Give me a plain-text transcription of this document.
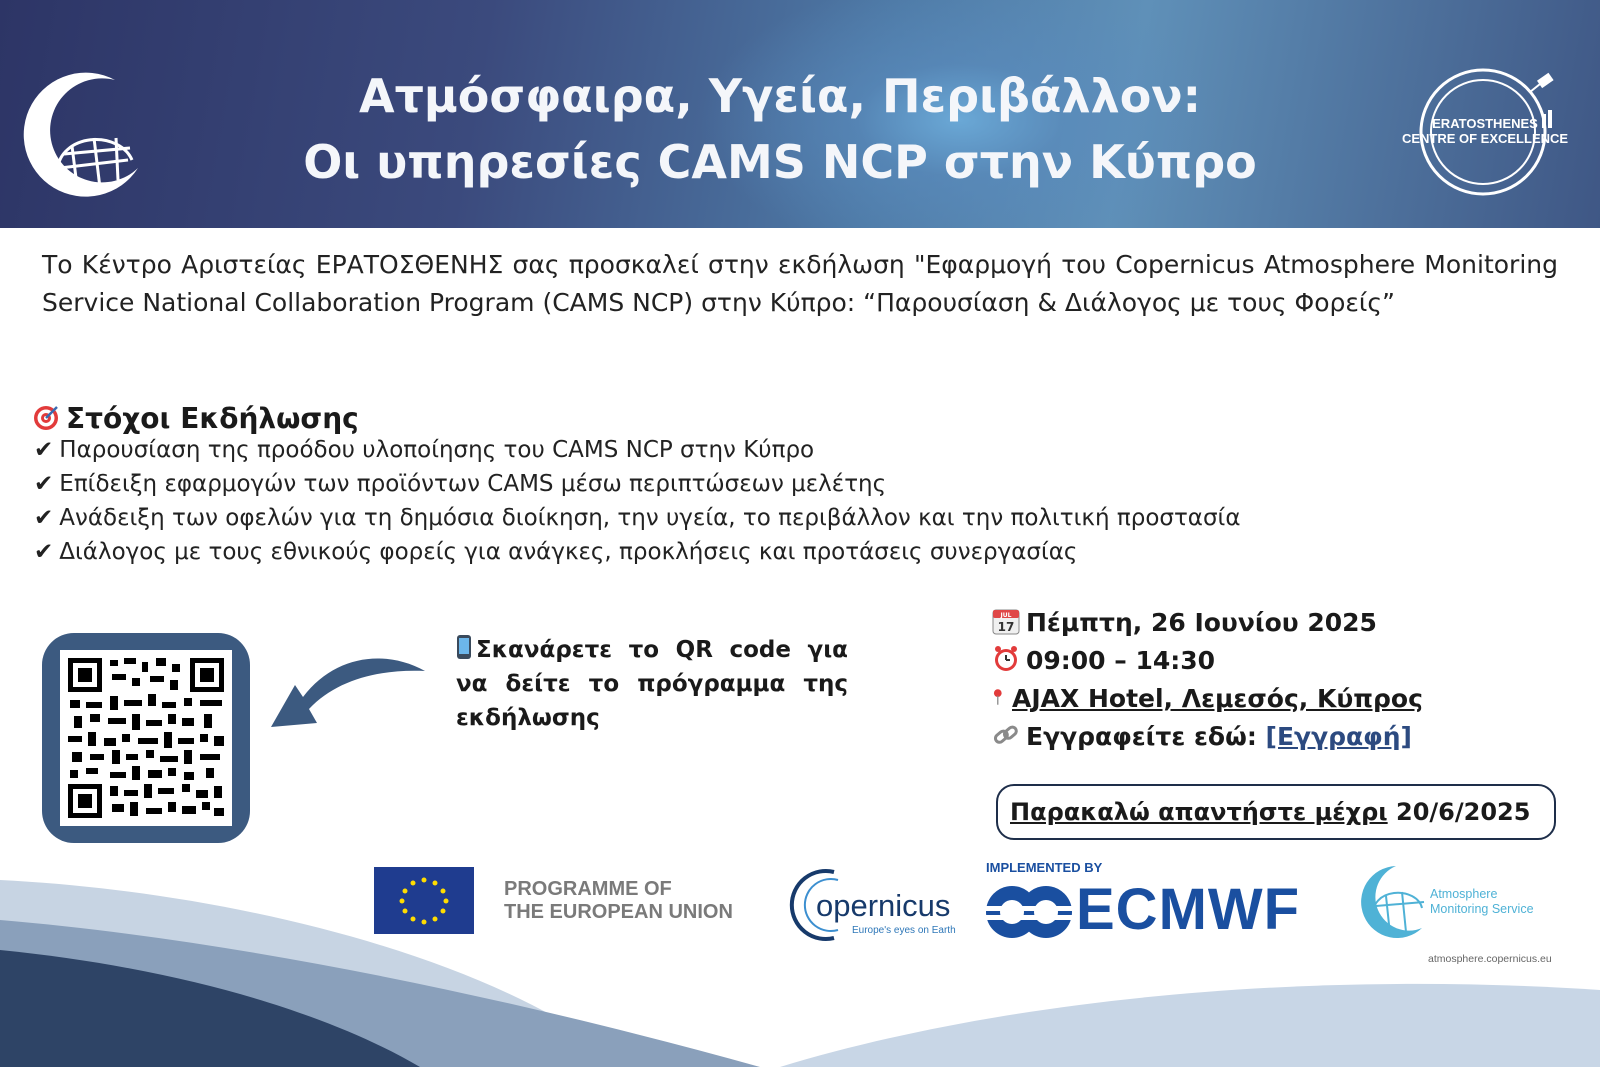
Ατμόσφαιρα, Υγεία, Περιβάλλον:
Οι υπηρεσίες CAMS NCP στην Κύπρο
ERATOSTHENES
CENTRE OF EXCELLENCE
Το Κέντρο Αριστείας ΕΡΑΤΟΣΘΕΝΗΣ σας προσκαλεί στην εκδήλωση "Εφαρμογή του Copernicus Atmosphere Monitoring Service National Collaboration Program (CAMS NCP) στην Κύπρο: “Παρουσίαση & Διάλογος με τους Φορείς”
Στόχοι Εκδήλωσης
✔ Παρουσίαση της προόδου υλοποίησης του CAMS NCP στην Κύπρο
✔ Επίδειξη εφαρμογών των προϊόντων CAMS μέσω περιπτώσεων μελέτης
✔ Ανάδειξη των οφελών για τη δημόσια διοίκηση, την υγεία, το περιβάλλον και την πολιτική προστασία
✔ Διάλογος με τους εθνικούς φορείς για ανάγκες, προκλήσεις και προτάσεις συνεργασίας
Σκανάρετε το QR code για να δείτε το πρόγραμμα της εκδήλωσης
JUL
17 Πέμπτη, 26 Ιουνίου 2025
09:00 – 14:30
AJAX Hotel, Λεμεσός, Κύπρος
Εγγραφείτε εδώ: [Εγγραφή]
Παρακαλώ απαντήστε μέχρι 20/6/2025
PROGRAMME OF
THE EUROPEAN UNION	opernicus
Europe's eyes on Earth
IMPLEMENTED BY
ECMWF	Atmosphere
Monitoring Service
atmosphere.copernicus.eu
